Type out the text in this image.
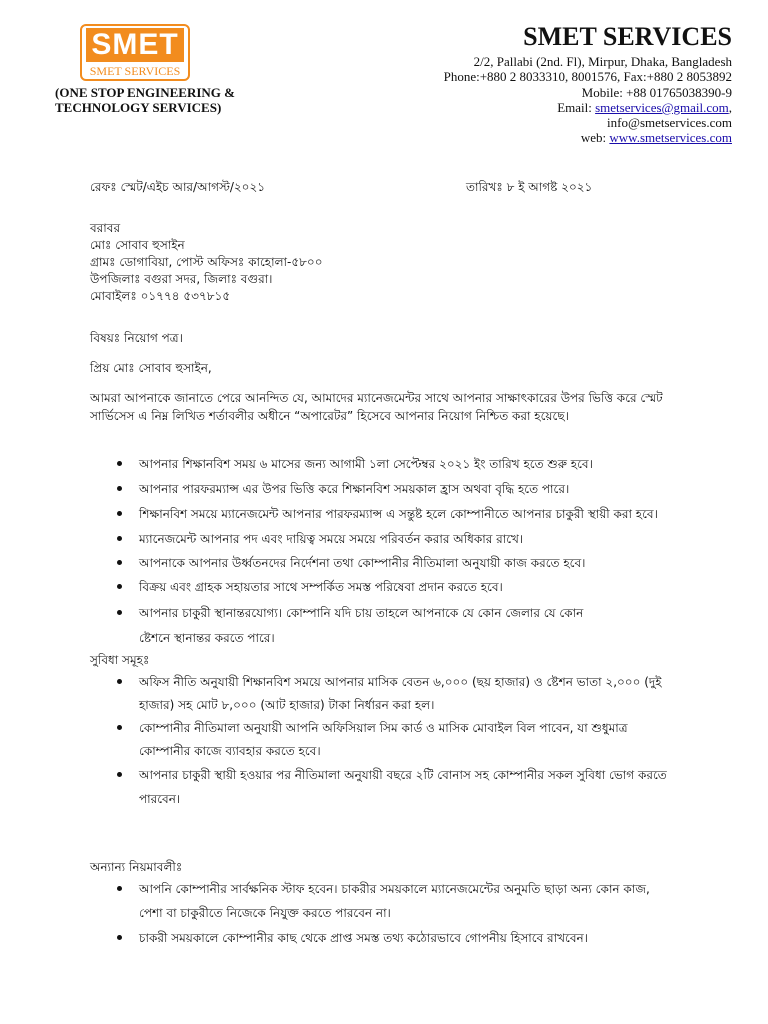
SMET
SMET SERVICES
(ONE STOP ENGINEERING &
TECHNOLOGY SERVICES)
SMET SERVICES
2/2, Pallabi (2nd. Fl), Mirpur, Dhaka, Bangladesh
Phone:+880 2 8033310, 8001576, Fax:+880 2 8053892
Mobile: +88 01765038390-9
Email: smetservices@gmail.com,
info@smetservices.com
web: www.smetservices.com
রেফঃ স্মেট/এইচ আর/আগস্ট/২০২১	তারিখঃ ৮ ই আগষ্ট ২০২১
বরাবর
মোঃ সোবাব হুসাইন
গ্রামঃ ডোগাবিয়া, পোস্ট অফিসঃ কাহোলা-৫৮০০
উপজিলাঃ বগুরা সদর, জিলাঃ বগুরা।
মোবাইলঃ ০১৭৭৪ ৫৩৭৮১৫
বিষয়ঃ নিয়োগ পত্র।
প্রিয় মোঃ সোবাব হুসাইন,
আমরা আপনাকে জানাতে পেরে আনন্দিত যে, আমাদের ম্যানেজমেন্টর সাথে আপনার সাক্ষাৎকারের উপর ভিত্তি করে স্মেট
সার্ভিসেস এ নিম্ন লিখিত শর্তাবলীর অধীনে “অপারেটর” হিসেবে আপনার নিয়োগ নিশ্চিত করা হয়েছে।
আপনার শিক্ষানবিশ সময় ৬ মাসের জন্য আগামী ১লা সেপ্টেম্বর ২০২১ ইং তারিখ হতে শুরু হবে।
আপনার পারফরম্যান্স এর উপর ভিত্তি করে শিক্ষানবিশ সময়কাল হ্রাস অথবা বৃদ্ধি হতে পারে।
শিক্ষানবিশ সময়ে ম্যানেজমেন্ট আপনার পারফরম্যান্স এ সন্তুষ্ট হলে কোম্পানীতে আপনার চাকুরী স্থায়ী করা হবে।
ম্যানেজমেন্ট আপনার পদ এবং দায়িত্ব সময়ে সময়ে পরিবর্তন করার অধিকার রাখে।
আপনাকে আপনার উর্ধ্বতনদের নির্দেশনা তথা কোম্পানীর নীতিমালা অনুযায়ী কাজ করতে হবে।
বিক্রয় এবং গ্রাহক সহায়তার সাথে সম্পর্কিত সমস্ত পরিষেবা প্রদান করতে হবে।
আপনার চাকুরী স্থানান্তরযোগ্য। কোম্পানি যদি চায় তাহলে আপনাকে যে কোন জেলার যে কোন
ষ্টেশনে স্থানান্তর করতে পারে।
সুবিধা সমূহঃ
অফিস নীতি অনুযায়ী শিক্ষানবিশ সময়ে আপনার মাসিক বেতন ৬,০০০ (ছয় হাজার) ও ষ্টেশন ভাতা ২,০০০ (দুই
হাজার) সহ মোট ৮,০০০ (আট হাজার) টাকা নির্ধারন করা হল।
কোম্পানীর নীতিমালা অনুযায়ী আপনি অফিসিয়াল সিম কার্ড ও মাসিক মোবাইল বিল পাবেন, যা শুধুমাত্র
কোম্পানীর কাজে ব্যাবহার করতে হবে।
আপনার চাকুরী স্থায়ী হওয়ার পর নীতিমালা অনুযায়ী বছরে ২টি বোনাস সহ কোম্পানীর সকল সুবিধা ভোগ করতে
পারবেন।
অন্যান্য নিয়মাবলীঃ
আপনি কোম্পানীর সার্বক্ষনিক স্টাফ হবেন। চাকরীর সময়কালে ম্যানেজমেন্টের অনুমতি ছাড়া অন্য কোন কাজ,
পেশা বা চাকুরীতে নিজেকে নিযুক্ত করতে পারবেন না।
চাকরী সময়কালে কোম্পানীর কাছ থেকে প্রাপ্ত সমস্ত তথ্য কঠোরভাবে গোপনীয় হিসাবে রাখবেন।
